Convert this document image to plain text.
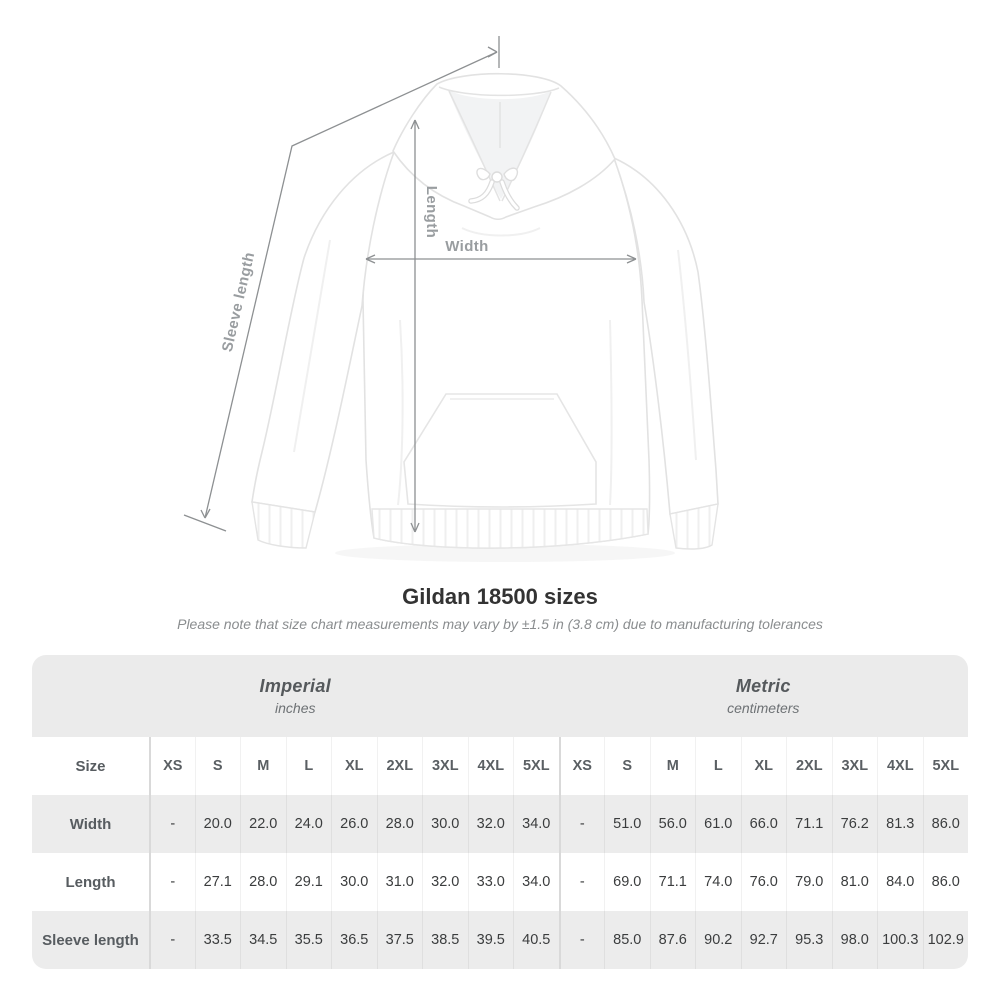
Width
Length
Sleeve length
Gildan 18500 sizes
Please note that size chart measurements may vary by ±1.5 in (3.8 cm) due to manufacturing tolerances
Imperial
inches
Metric
centimeters
Size	XS	S	M	L	XL	2XL	3XL	4XL	5XL	XS	S	M	L	XL	2XL	3XL	4XL	5XL
Width	-	20.0	22.0	24.0	26.0	28.0	30.0	32.0	34.0	-	51.0	56.0	61.0	66.0	71.1	76.2	81.3	86.0
Length	-	27.1	28.0	29.1	30.0	31.0	32.0	33.0	34.0	-	69.0	71.1	74.0	76.0	79.0	81.0	84.0	86.0
Sleeve length	-	33.5	34.5	35.5	36.5	37.5	38.5	39.5	40.5	-	85.0	87.6	90.2	92.7	95.3	98.0 100.3 102.9
